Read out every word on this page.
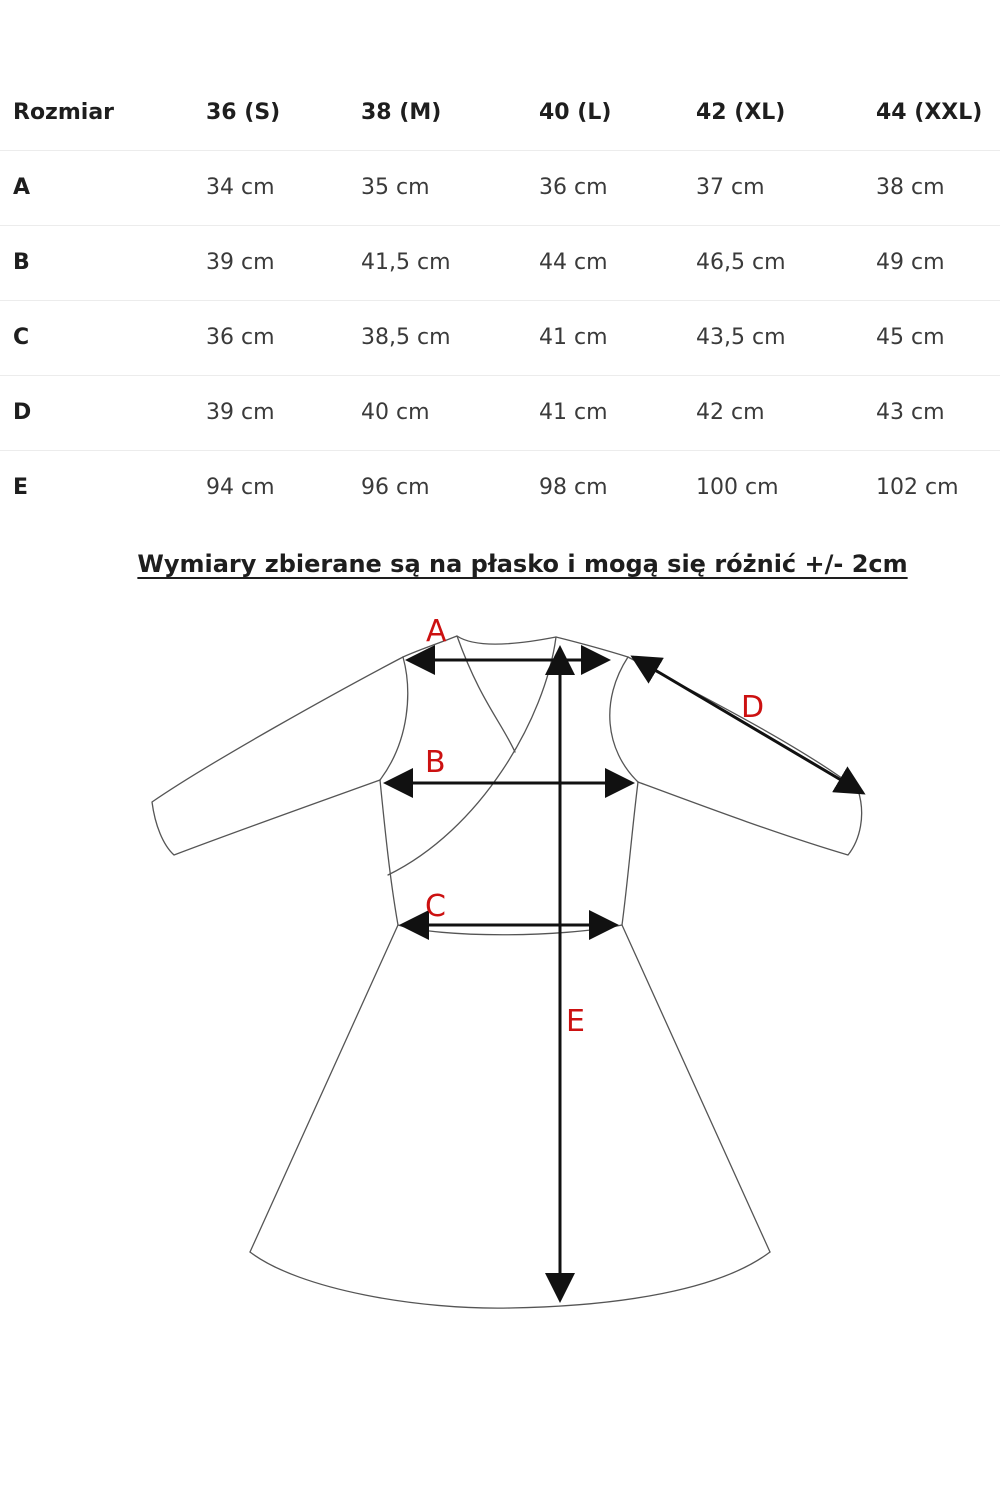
Rozmiar	36 (S)	38 (M)	40 (L)	42 (XL)	44 (XXL)
A	34 cm	35 cm	36 cm	37 cm	38 cm
B	39 cm	41,5 cm	44 cm	46,5 cm	49 cm
C	36 cm	38,5 cm	41 cm	43,5 cm	45 cm
D	39 cm	40 cm	41 cm	42 cm	43 cm
E	94 cm	96 cm	98 cm	100 cm	102 cm
Wymiary zbierane są na płasko i mogą się różnić +/- 2cm
A
B
C
D
E
